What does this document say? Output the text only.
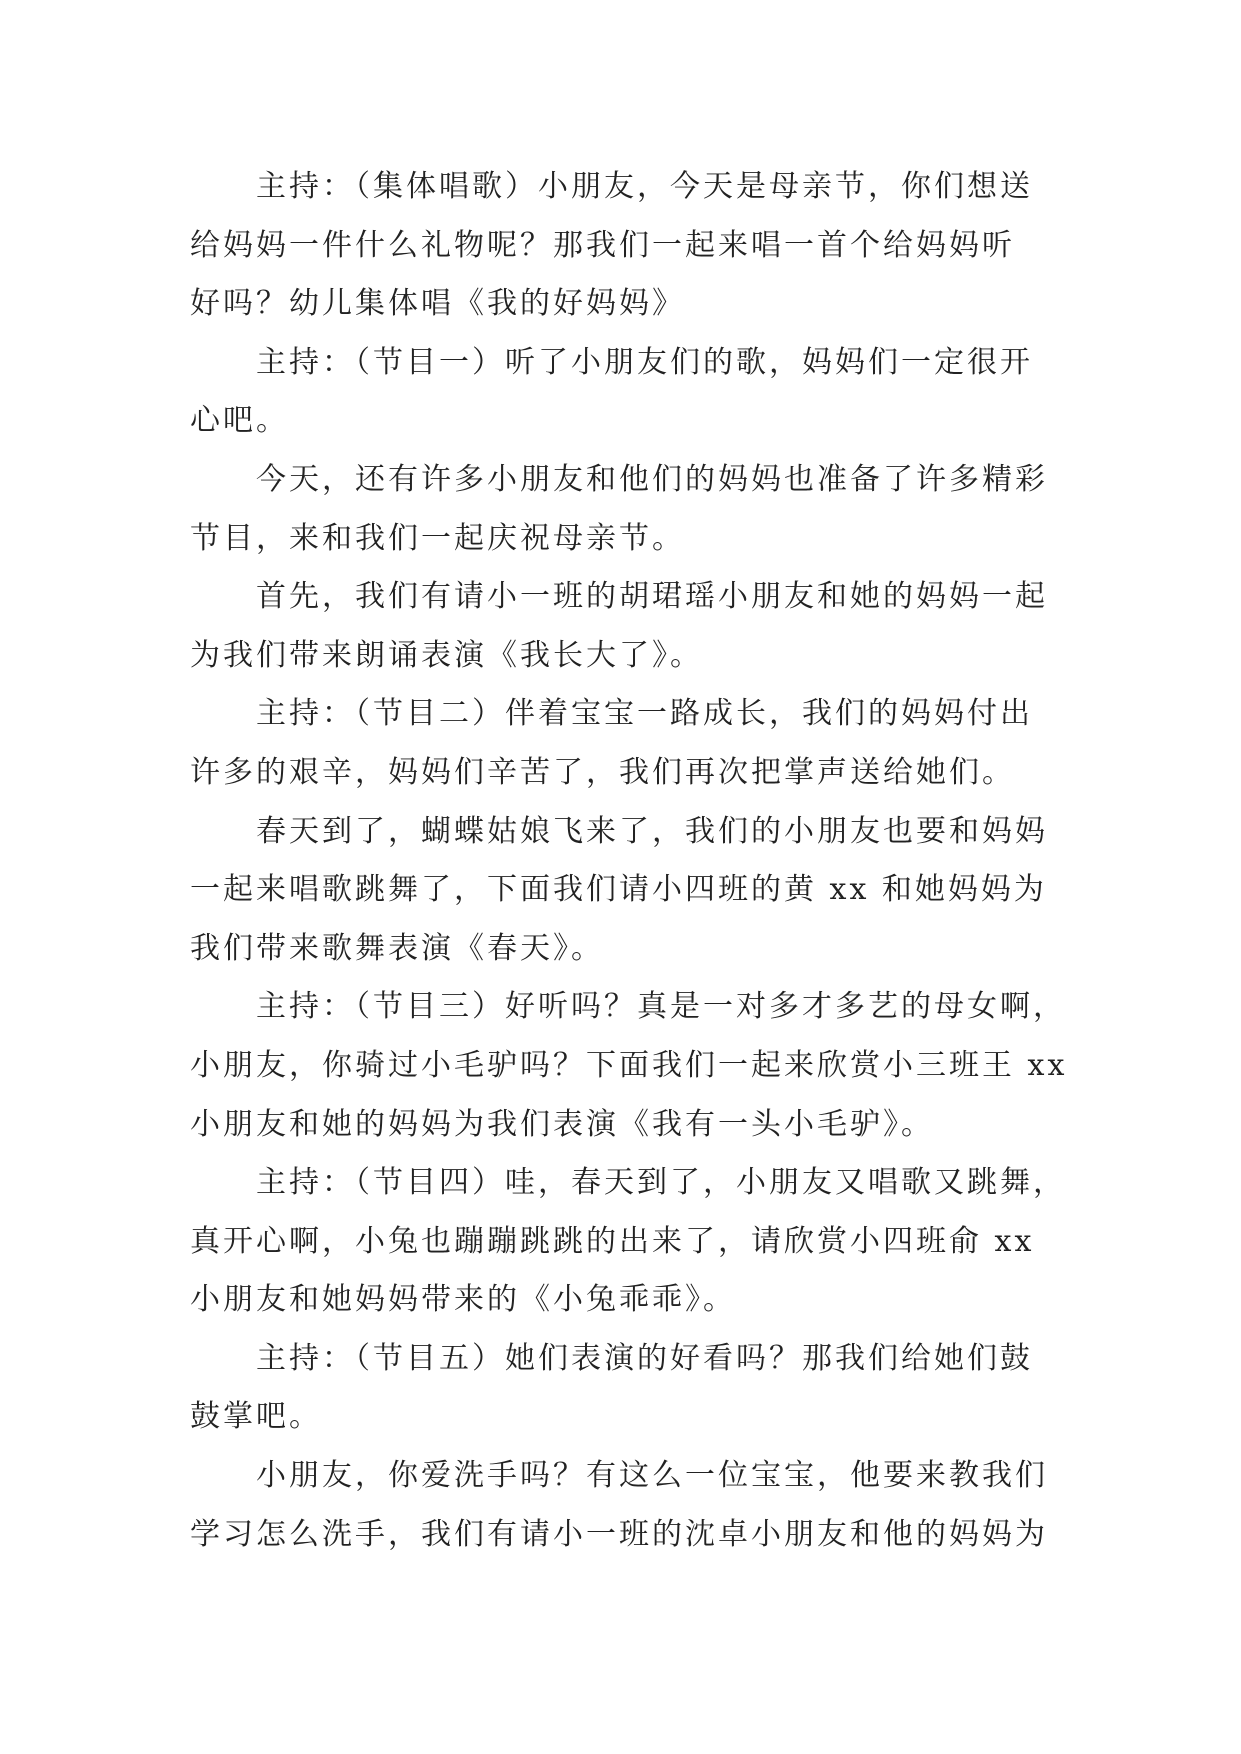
主持：（集体唱歌）小朋友，今天是母亲节，你们想送
给妈妈一件什么礼物呢？那我们一起来唱一首个给妈妈听
好吗？幼儿集体唱《我的好妈妈》

主持：（节目一）听了小朋友们的歌，妈妈们一定很开
心吧。

今天，还有许多小朋友和他们的妈妈也准备了许多精彩
节目，来和我们一起庆祝母亲节。

首先，我们有请小一班的胡珺瑶小朋友和她的妈妈一起
为我们带来朗诵表演《我长大了》。

主持：（节目二）伴着宝宝一路成长，我们的妈妈付出
许多的艰辛，妈妈们辛苦了，我们再次把掌声送给她们。

春天到了，蝴蝶姑娘飞来了，我们的小朋友也要和妈妈
一起来唱歌跳舞了，下面我们请小四班的黄 xx 和她妈妈为
我们带来歌舞表演《春天》。

主持：（节目三）好听吗？真是一对多才多艺的母女啊，
小朋友，你骑过小毛驴吗？下面我们一起来欣赏小三班王 xx
小朋友和她的妈妈为我们表演《我有一头小毛驴》。

主持：（节目四）哇，春天到了，小朋友又唱歌又跳舞，
真开心啊，小兔也蹦蹦跳跳的出来了，请欣赏小四班俞 xx
小朋友和她妈妈带来的《小兔乖乖》。

主持：（节目五）她们表演的好看吗？那我们给她们鼓
鼓掌吧。

小朋友，你爱洗手吗？有这么一位宝宝，他要来教我们
学习怎么洗手，我们有请小一班的沈卓小朋友和他的妈妈为
